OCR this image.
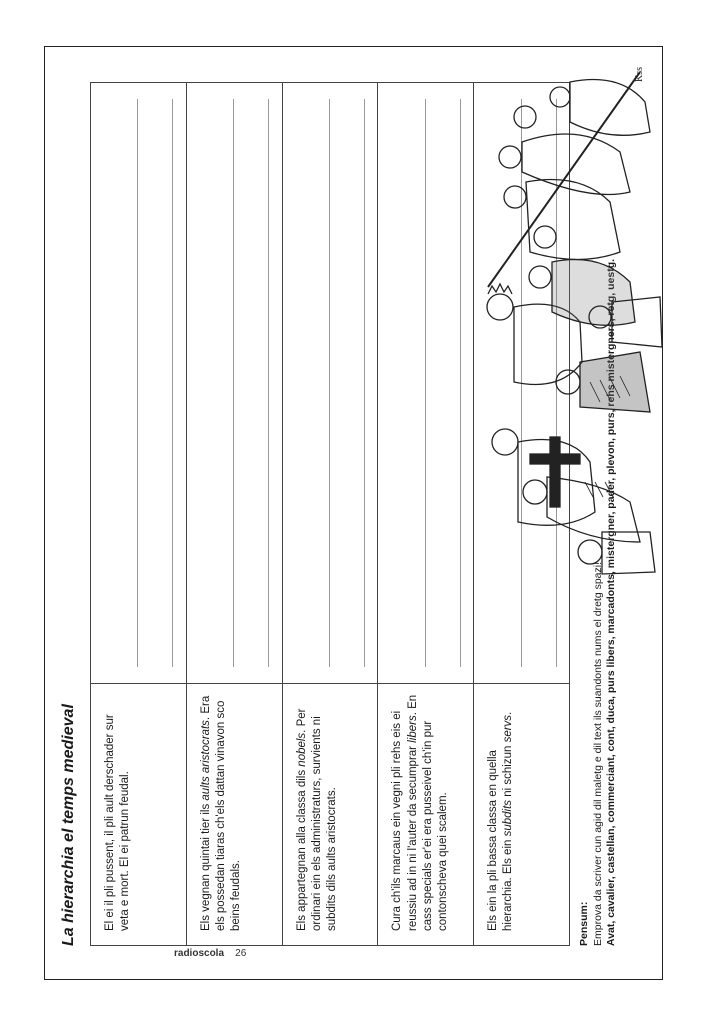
La hierarchia el temps medieval	El ei il pli pussent, il pli ault derschader sur veta e mort. El ei patrun feudal.	Els vegnan quintai tier ils aults aristocrats. Era els possedan tiaras ch'els dattan vinavon sco beins feudals.	Els appartegnan alla classa dils nobels. Per ordinari ein els administraturs, survients ni subdits dils aults aristocrats.	Cura ch'ils marcaus ein vegni pli rehs eis ei reussiu ad in ni l'auter da secumprar libers. En cass specials er'ei era pusseivel ch'in pur contonscheva quei scalem.	Els ein la pli bassa classa en quella hierarchia. Els ein subdits ni schizun servs.
Pensum: Emprova da scriver cun agid dil maletg e dil text ils suandonts nums el dretg spazi! Avat, cavalier, castellan, commerciant, cont, duca, purs libers, marcadonts, mistergner, pader, plevon, purs, rehs mistergners, retg, uestg.
Kss
radioscola 26
